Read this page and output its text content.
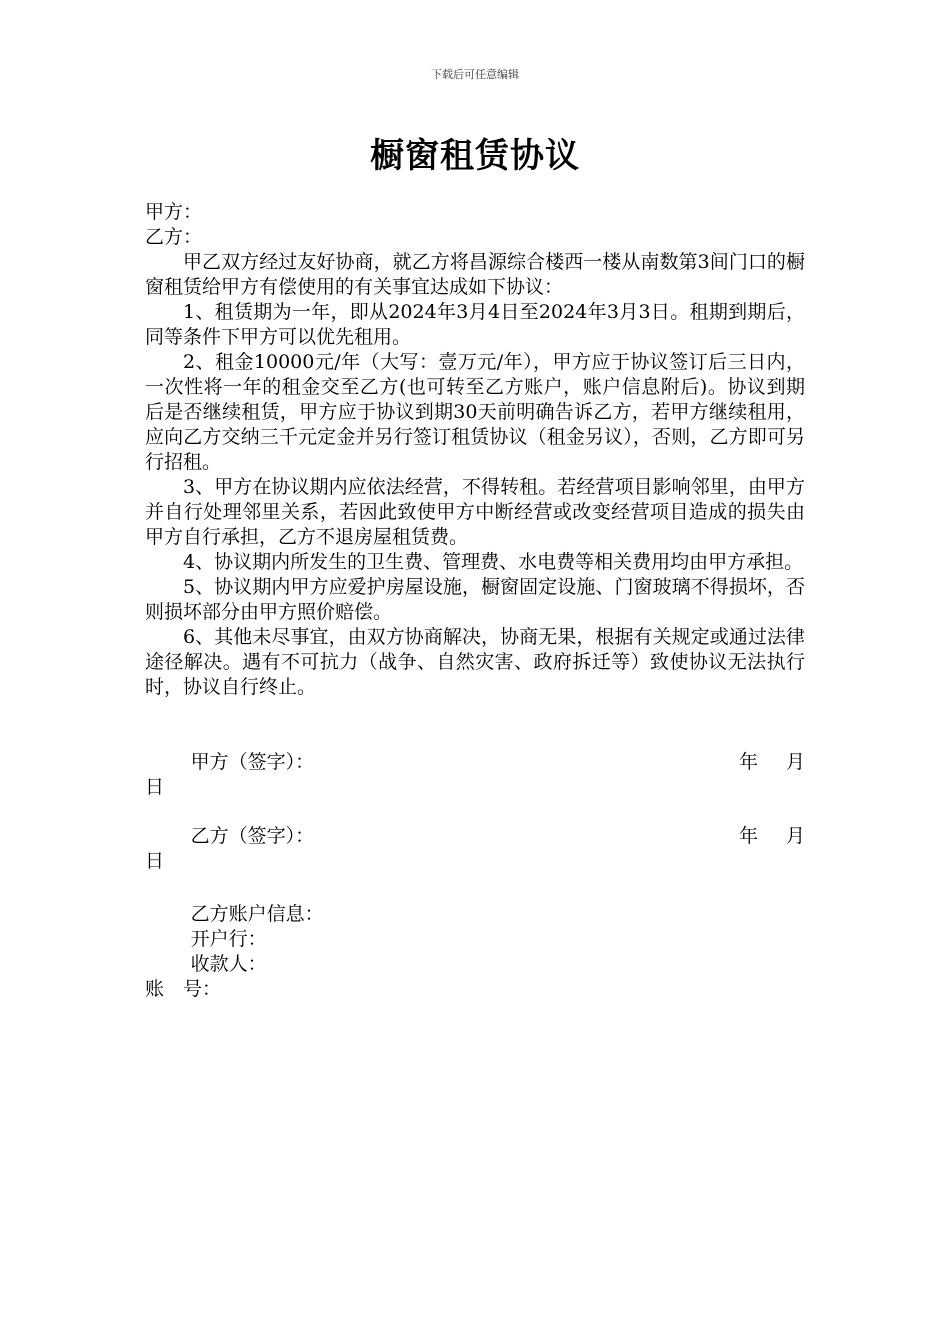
下载后可任意编辑
橱窗租赁协议

甲方：

乙方：

甲乙双方经过友好协商，就乙方将昌源综合楼西一楼从南数第3间门口的橱窗租赁给甲方有偿使用的有关事宜达成如下协议：

1、租赁期为一年，即从2024年3月4日至2024年3月3日。租期到期后，同等条件下甲方可以优先租用。

2、租金10000元/年（大写：壹万元/年），甲方应于协议签订后三日内，一次性将一年的租金交至乙方(也可转至乙方账户，账户信息附后)。协议到期后是否继续租赁，甲方应于协议到期30天前明确告诉乙方，若甲方继续租用，应向乙方交纳三千元定金并另行签订租赁协议（租金另议），否则，乙方即可另行招租。

3、甲方在协议期内应依法经营，不得转租。若经营项目影响邻里，由甲方并自行处理邻里关系，若因此致使甲方中断经营或改变经营项目造成的损失由甲方自行承担，乙方不退房屋租赁费。

4、协议期内所发生的卫生费、管理费、水电费等相关费用均由甲方承担。

5、协议期内甲方应爱护房屋设施，橱窗固定设施、门窗玻璃不得损坏，否则损坏部分由甲方照价赔偿。

6、其他未尽事宜，由双方协商解决，协商无果，根据有关规定或通过法律途径解决。遇有不可抗力（战争、自然灾害、政府拆迁等）致使协议无法执行时，协议自行终止。

甲方（签字）：	年 月
日
乙方（签字）：	年 月
日
乙方账户信息：
开户行：
收款人：
账　号：
